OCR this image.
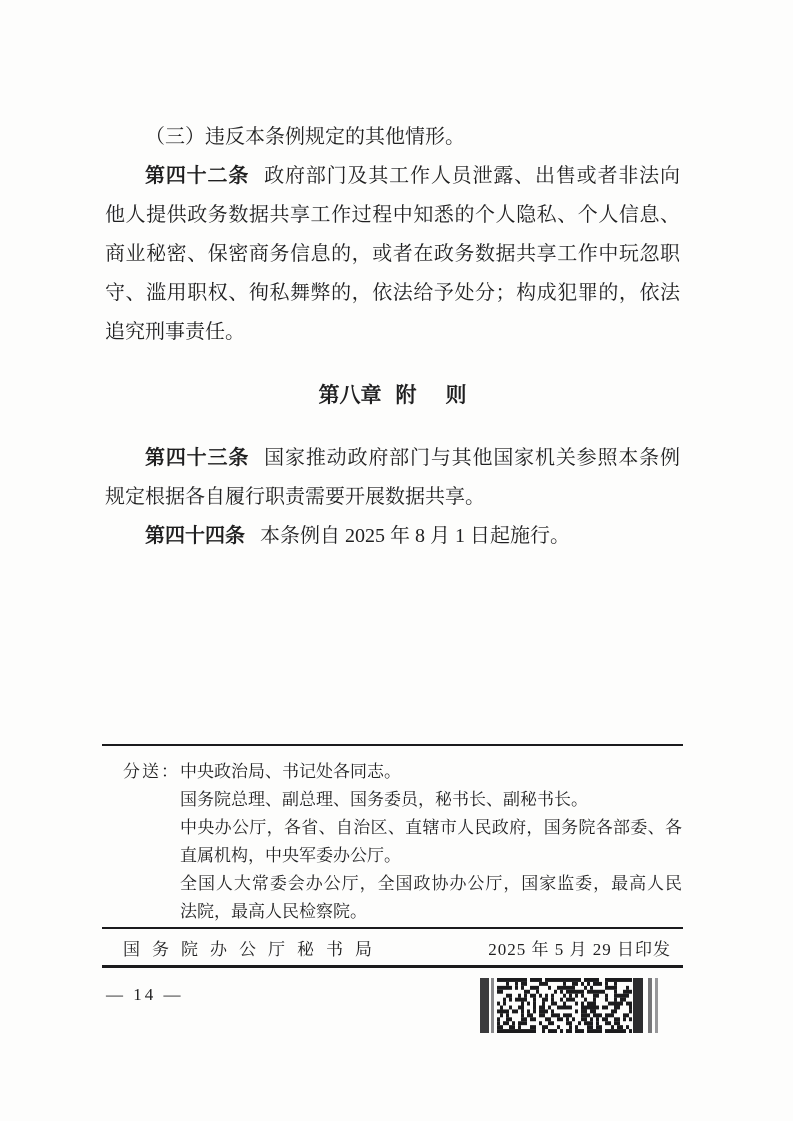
（三）违反本条例规定的其他情形。
第四十二条 政府部门及其工作人员泄露、出售或者非法向
他人提供政务数据共享工作过程中知悉的个人隐私、个人信息、
商业秘密、保密商务信息的，或者在政务数据共享工作中玩忽职
守、滥用职权、徇私舞弊的，依法给予处分；构成犯罪的，依法
追究刑事责任。
第八章 附 则
第四十三条 国家推动政府部门与其他国家机关参照本条例
规定根据各自履行职责需要开展数据共享。
第四十四条 本条例自 2025 年 8 月 1 日起施行。
分送： 中央政治局、书记处各同志。
国务院总理、副总理、国务委员，秘书长、副秘书长。
中央办公厅，各省、自治区、直辖市人民政府，国务院各部委、各
直属机构，中央军委办公厅。
全国人大常委会办公厅，全国政协办公厅，国家监委，最高人民
法院，最高人民检察院。
国务院办公厅秘书局	2025 年 5 月 29 日印发
— 14 —
